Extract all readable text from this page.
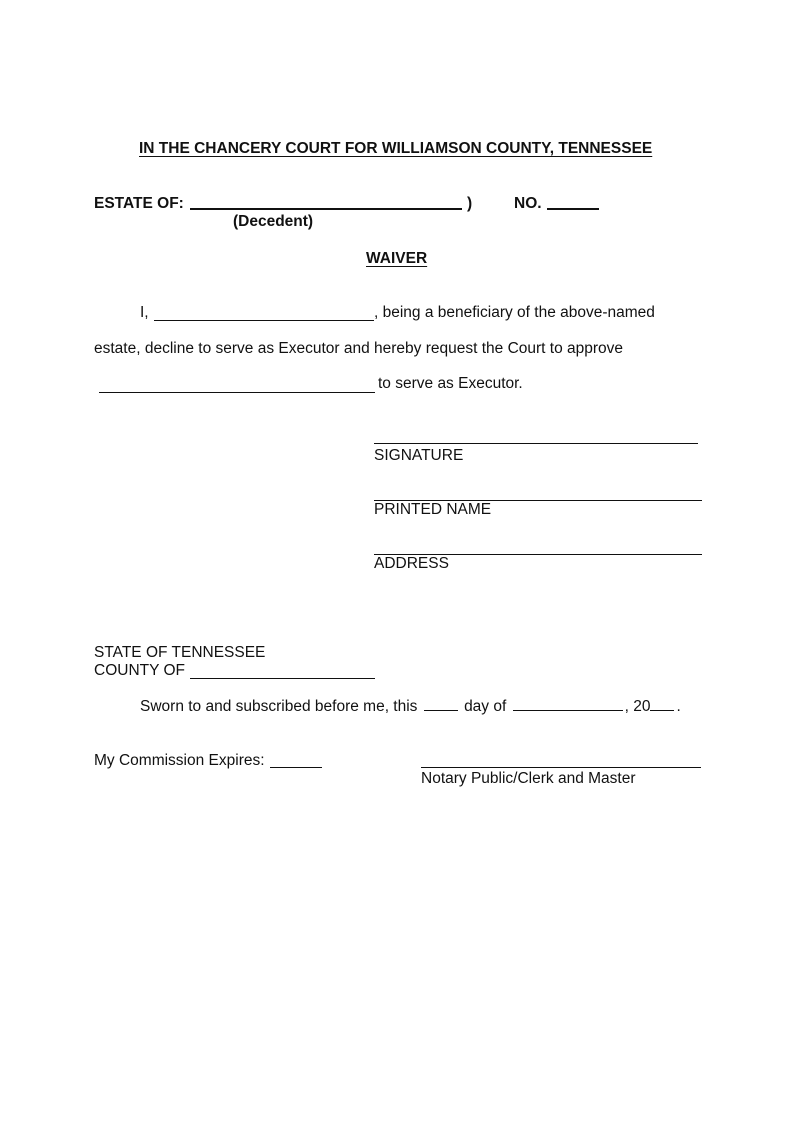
IN THE CHANCERY COURT FOR WILLIAMSON COUNTY, TENNESSEE
ESTATE OF:	)	NO.
(Decedent)
WAIVER
I,	, being a beneficiary of the above-named
estate, decline to serve as Executor and hereby request the Court to approve
to serve as Executor.
SIGNATURE
PRINTED NAME
ADDRESS
STATE OF TENNESSEE
COUNTY OF
Sworn to and subscribed before me, this	day of	, 20 .
My Commission Expires:
Notary Public/Clerk and Master
